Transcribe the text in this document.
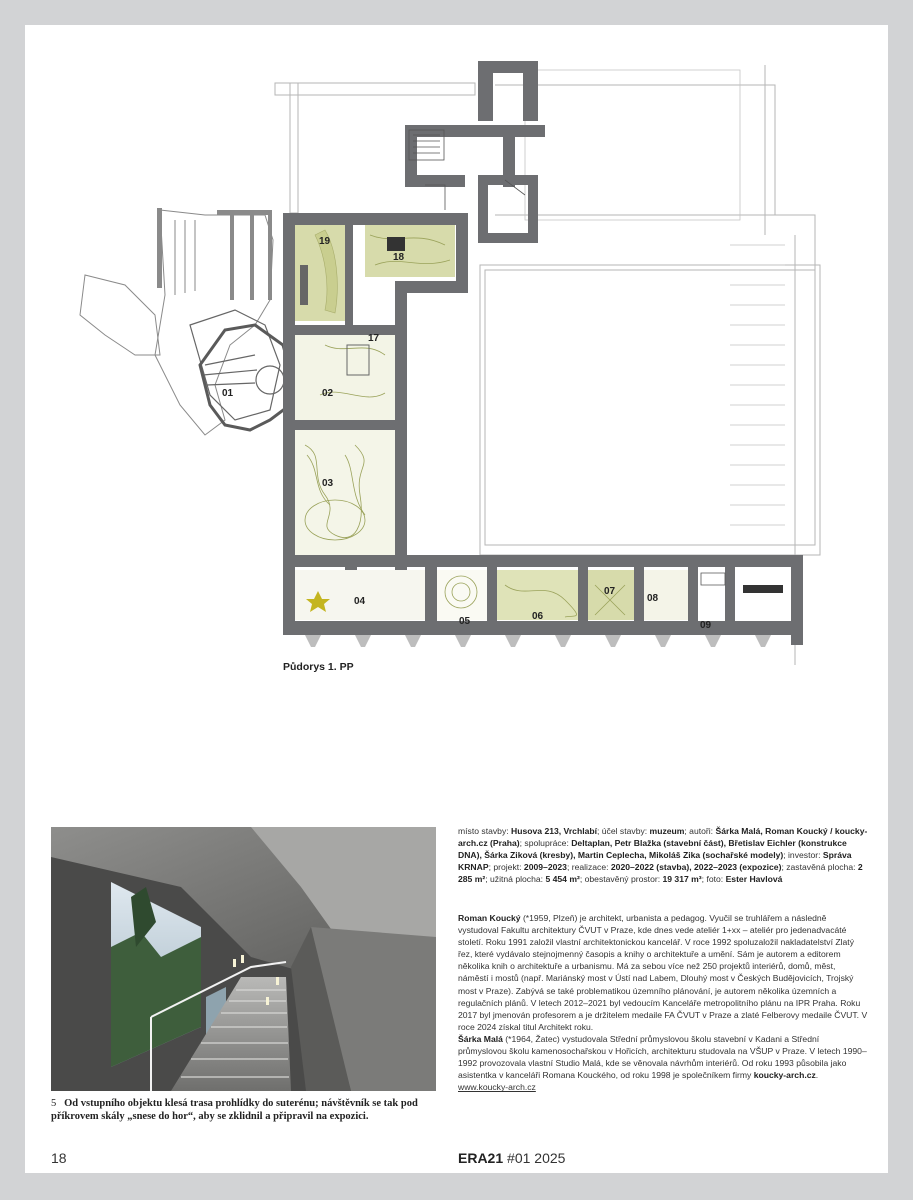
01	02
03
04
05	06
07
08
09
17
18
19
Půdorys 1. PP
5 Od vstupního objektu klesá trasa prohlídky do suterénu; návštěvník se tak pod příkrovem skály „snese do hor“, aby se zklidnil a připravil na expozici.
místo stavby: Husova 213, Vrchlabí; účel stavby: muzeum; autoři: Šárka Malá, Roman Koucký / koucky-arch.cz (Praha); spolupráce: Deltaplan, Petr Blažka (stavební část), Břetislav Eichler (konstrukce DNA), Šárka Ziková (kresby), Martin Ceplecha, Mikoláš Zika (sochařské modely); investor: Správa KRNAP; projekt: 2009–2023; realizace: 2020–2022 (stavba), 2022–2023 (expozice); zastavěná plocha: 2 285 m²; užitná plocha: 5 454 m²; obestavěný prostor: 19 317 m³; foto: Ester Havlová

Roman Koucký (*1959, Plzeň) je architekt, urbanista a pedagog. Vyučil se truhlářem a následně vystudoval Fakultu architektury ČVUT v Praze, kde dnes vede ateliér 1+xx – ateliér pro jedenadvacáté století. Roku 1991 založil vlastní architektonickou kancelář. V roce 1992 spoluzaložil nakladatelství Zlatý řez, které vydávalo stejnojmenný časopis a knihy o architektuře a umění. Sám je autorem a editorem několika knih o architektuře a urbanismu. Má za sebou více než 250 projektů interiérů, domů, měst, náměstí i mostů (např. Mariánský most v Ústí nad Labem, Dlouhý most v Českých Budějovicích, Trojský most v Praze). Zabývá se také problematikou územního plánování, je autorem několika územních a regulačních plánů. V letech 2012–2021 byl vedoucím Kanceláře metropolitního plánu na IPR Praha. Roku 2017 byl jmenován profesorem a je držitelem medaile FA ČVUT v Praze a zlaté Felberovy medaile ČVUT. V roce 2024 získal titul Architekt roku.

Šárka Malá (*1964, Žatec) vystudovala Střední průmyslovou školu stavební v Kadani a Střední průmyslovou školu kamenosochařskou v Hořicích, architekturu studovala na VŠUP v Praze. V letech 1990–1992 provozovala vlastní Studio Malá, kde se věnovala návrhům interiérů. Od roku 1993 působila jako asistentka v kanceláři Romana Kouckého, od roku 1998 je společníkem firmy koucky-arch.cz. www.koucky-arch.cz

18	ERA21 #01 2025
